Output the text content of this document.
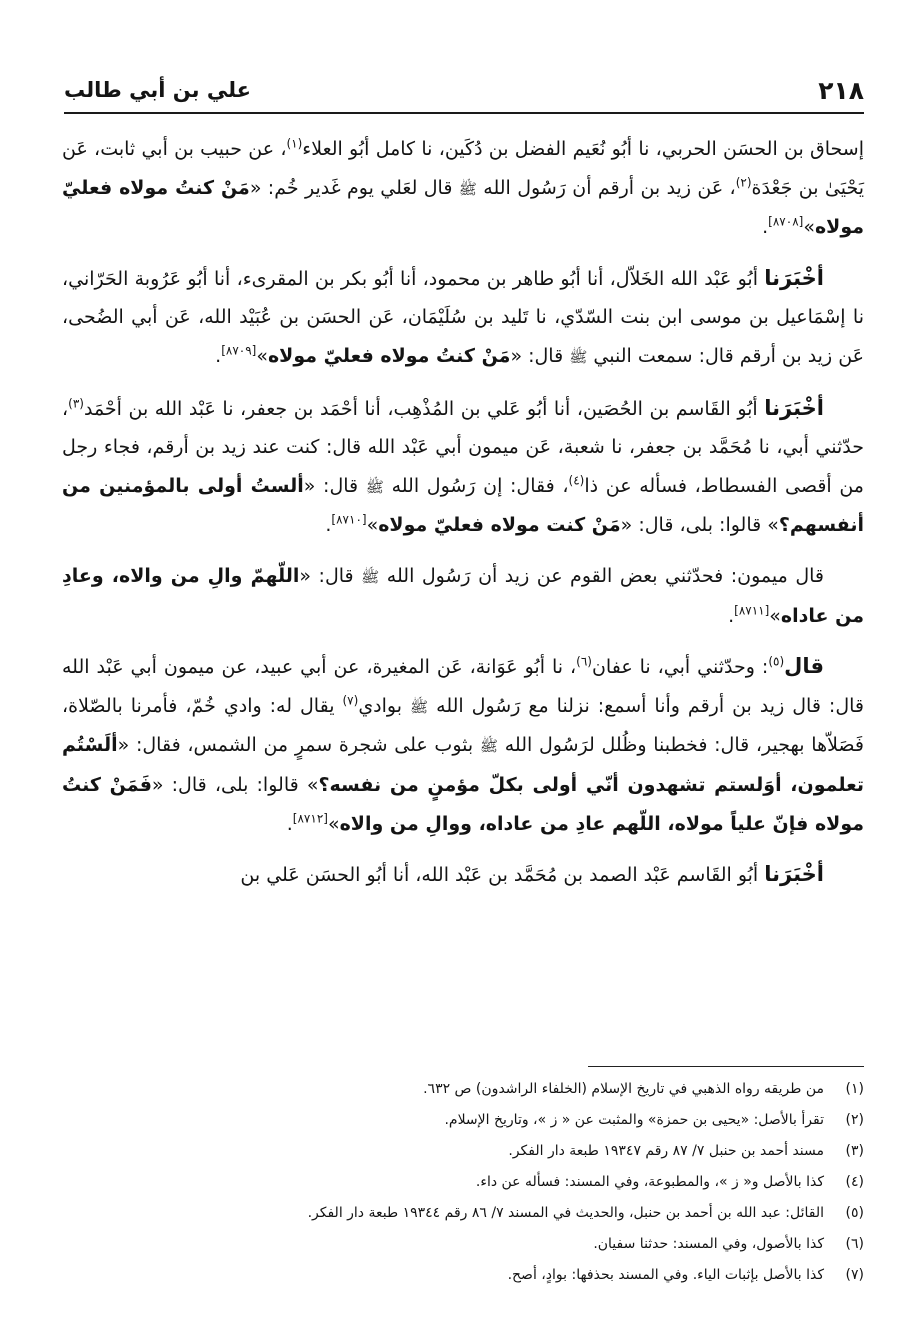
٢١٨
علي بن أبي طالب

إسحاق بن الحسَن الحربي، نا أبُو نُعَيم الفضل بن دُكَين، نا كامل أبُو العلاء$^{(١)}$، عن حبيب بن أبي ثابت، عَن يَحْيَىٰ بن جَعْدَة$^{(٢)}$، عَن زيد بن أرقم أن رَسُول الله ﷺ قال لعَلي يوم غَدير خُم: «مَنْ كنتُ مولاه فعليّ مولاه»[٨٧٠٨].

أخْبَرَنا أبُو عَبْد الله الخَلاّل، أنا أبُو طاهر بن محمود، أنا أبُو بكر بن المقرىء، أنا أبُو عَرُوبة الحَرّاني، نا إسْمَاعيل بن موسى ابن بنت السّدّي، نا تَليد بن سُلَيْمَان، عَن الحسَن بن عُبَيْد الله، عَن أبي الضُحى، عَن زيد بن أرقم قال: سمعت النبي ﷺ قال: «مَنْ كنتُ مولاه فعليّ مولاه»[٨٧٠٩].

أخْبَرَنا أبُو القَاسم بن الحُصَين، أنا أبُو عَلي بن المُذْهِب، أنا أحْمَد بن جعفر، نا عَبْد الله بن أحْمَد$^{(٣)}$، حدّثني أبي، نا مُحَمَّد بن جعفر، نا شعبة، عَن ميمون أبي عَبْد الله قال: كنت عند زيد بن أرقم، فجاء رجل من أقصى الفسطاط، فسأله عن ذا$^{(٤)}$، فقال: إن رَسُول الله ﷺ قال: «ألستُ أولى بالمؤمنين من أنفسهم؟» قالوا: بلى، قال: «مَنْ كنت مولاه فعليّ مولاه»[٨٧١٠].

قال ميمون: فحدّثني بعض القوم عن زيد أن رَسُول الله ﷺ قال: «اللّهمّ والِ من والاه، وعادِ من عاداه»[٨٧١١].

قال$^{(٥)}$: وحدّثني أبي، نا عفان$^{(٦)}$، نا أبُو عَوَانة، عَن المغيرة، عن أبي عبيد، عن ميمون أبي عَبْد الله قال: قال زيد بن أرقم وأنا أسمع: نزلنا مع رَسُول الله ﷺ بوادي$^{(٧)}$ يقال له: وادي خُمّ، فأمرنا بالصّلاة، فَصَلاّها بهجير، قال: فخطبنا وظُلل لرَسُول الله ﷺ بثوب على شجرة سمرٍ من الشمس، فقال: «ألَسْتُم تعلمون، أوَلستم تشهدون أنّي أولى بكلّ مؤمنٍ من نفسه؟» قالوا: بلى، قال: «فَمَنْ كنتُ مولاه فإنّ علياً مولاه، اللّهم عادِ من عاداه، ووالِ من والاه»[٨٧١٢].

أخْبَرَنا أبُو القَاسم عَبْد الصمد بن مُحَمَّد بن عَبْد الله، أنا أبُو الحسَن عَلي بن

(١)
من طريقه رواه الذهبي في تاريخ الإسلام (الخلفاء الراشدون) ص ٦٣٢.
(٢)
تقرأ بالأصل: «يحيى بن حمزة» والمثبت عن « ز »، وتاريخ الإسلام.
(٣)
مسند أحمد بن حنبل ٧/ ٨٧ رقم ١٩٣٤٧ طبعة دار الفكر.
(٤)
كذا بالأصل و« ز »، والمطبوعة، وفي المسند: فسأله عن داء.
(٥)
القائل: عبد الله بن أحمد بن حنبل، والحديث في المسند ٧/ ٨٦ رقم ١٩٣٤٤ طبعة دار الفكر.
(٦)
كذا بالأصول، وفي المسند: حدثنا سفيان.
(٧)
كذا بالأصل بإثبات الياء. وفي المسند بحذفها: بوادٍ، أصح.
